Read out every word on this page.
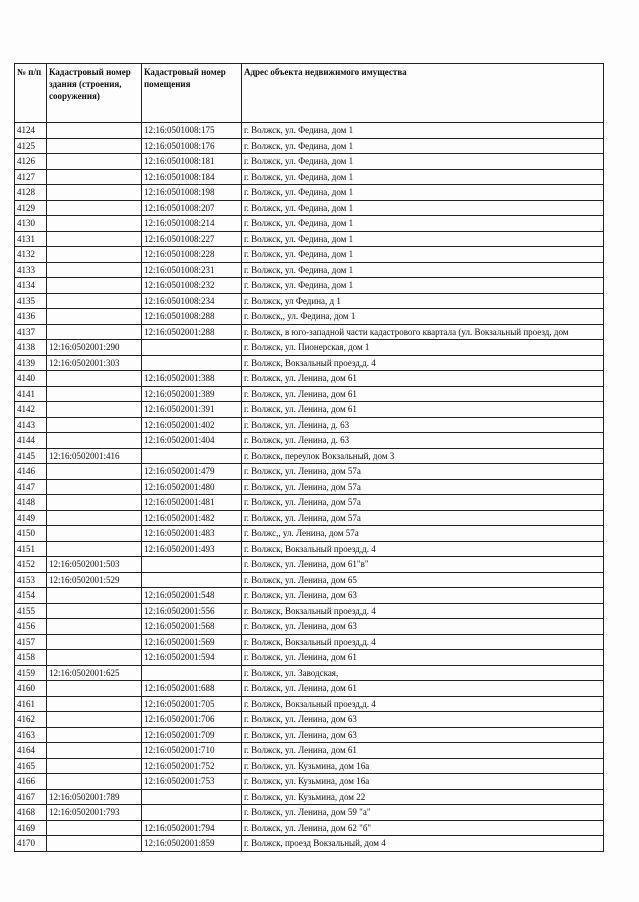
№ п/п	Кадастровый номер здания (строения, сооружения)	Кадастровый номер помещения	Адрес объекта недвижимого имущества
4124		12:16:0501008:175	г. Волжск, ул. Федина, дом 1
4125		12:16:0501008:176	г. Волжск, ул. Федина, дом 1
4126		12:16:0501008:181	г. Волжск, ул. Федина, дом 1
4127		12:16:0501008:184	г. Волжск, ул. Федина, дом 1
4128		12:16:0501008:198	г. Волжск, ул. Федина, дом 1
4129		12:16:0501008:207	г. Волжск, ул. Федина, дом 1
4130		12:16:0501008:214	г. Волжск, ул. Федина, дом 1
4131		12:16:0501008:227	г. Волжск, ул. Федина, дом 1
4132		12:16:0501008:228	г. Волжск, ул. Федина, дом 1
4133		12:16:0501008:231	г. Волжск, ул. Федина, дом 1
4134		12:16:0501008:232	г. Волжск, ул. Федина, дом 1
4135		12:16:0501008:234	г. Волжск, ул Федина, д 1
4136		12:16:0501008:288	г. Волжск,, ул. Федина, дом 1
4137		12:16:0502001:288	г. Волжск, в юго-западной части кадастрового квартала (ул. Вокзальный проезд, дом
4138	12:16:0502001:290		г. Волжск, ул. Пионерская, дом 1
4139	12:16:0502001:303		г. Волжск, Вокзальный проезд,д. 4
4140		12:16:0502001:388	г. Волжск, ул. Ленина, дом 61
4141		12:16:0502001:389	г. Волжск, ул. Ленина, дом 61
4142		12:16:0502001:391	г. Волжск, ул. Ленина, дом 61
4143		12:16:0502001:402	г. Волжск, ул. Ленина, д. 63
4144		12:16:0502001:404	г. Волжск, ул. Ленина, д. 63
4145	12:16:0502001:416		г. Волжск, переулок Вокзальный, дом 3
4146		12:16:0502001:479	г. Волжск, ул. Ленина, дом 57а
4147		12:16:0502001:480	г. Волжск, ул. Ленина, дом 57а
4148		12:16:0502001:481	г. Волжск, ул. Ленина, дом 57а
4149		12:16:0502001:482	г. Волжск, ул. Ленина, дом 57а
4150		12:16:0502001:483	г. Волжс,, ул. Ленина, дом 57а
4151		12:16:0502001:493	г. Волжск, Вокзальный проезд,д. 4
4152	12:16:0502001:503		г. Волжск, ул. Ленина, дом 61"в"
4153	12:16:0502001:529		г. Волжск, ул. Ленина, дом 65
4154		12:16:0502001:548	г. Волжск, ул. Ленина, дом 63
4155		12:16:0502001:556	г. Волжск, Вокзальный проезд,д. 4
4156		12:16:0502001:568	г. Волжск, ул. Ленина, дом 63
4157		12:16:0502001:569	г. Волжск, Вокзальный проезд,д. 4
4158		12:16:0502001:594	г. Волжск, ул. Ленина, дом 61
4159	12:16:0502001:625		г. Волжск, ул. Заводская,
4160		12:16:0502001:688	г. Волжск, ул. Ленина, дом 61
4161		12:16:0502001:705	г. Волжск, Вокзальный проезд,д. 4
4162		12:16:0502001:706	г. Волжск, ул. Ленина, дом 63
4163		12:16:0502001:709	г. Волжск, ул. Ленина, дом 63
4164		12:16:0502001:710	г. Волжск, ул. Ленина, дом 61
4165		12:16:0502001:752	г. Волжск, ул. Кузьмина, дом 16а
4166		12:16:0502001:753	г. Волжск, ул. Кузьмина, дом 16а
4167	12:16:0502001:789		г. Волжск, ул. Кузьмина, дом 22
4168	12:16:0502001:793		г. Волжск, ул. Ленина, дом 59 "а"
4169		12:16:0502001:794	г. Волжск, ул. Ленина, дом 62 "б"
4170		12:16:0502001:859	г. Волжск, проезд Вокзальный, дом 4
